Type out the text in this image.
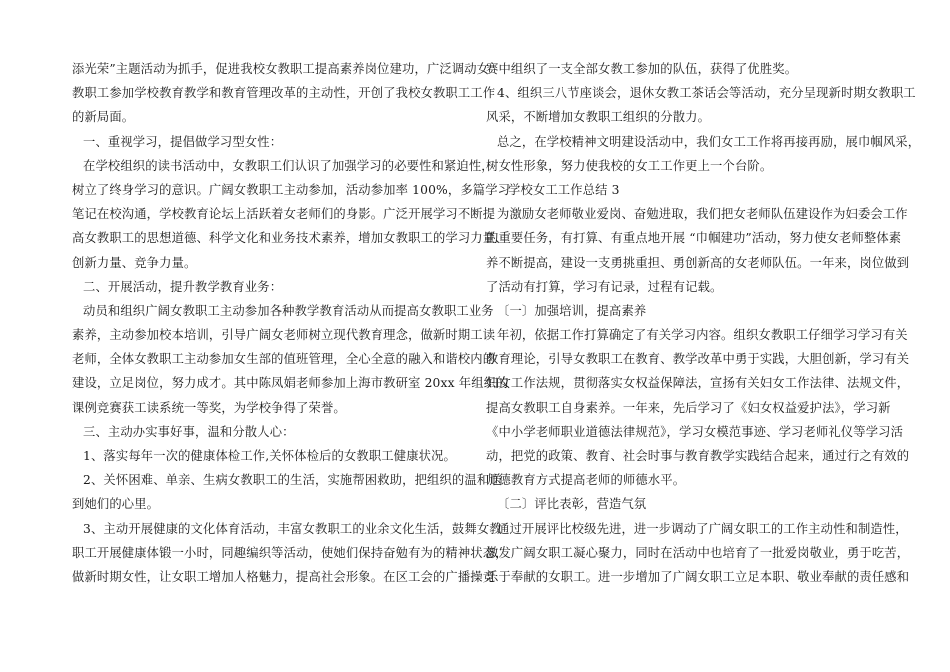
添光荣”主题活动为抓手，促进我校女教职工提高素养岗位建功，广泛调动女
教职工参加学校教育教学和教育管理改革的主动性，开创了我校女教职工工作
的新局面。
一、重视学习，提倡做学习型女性：
在学校组织的读书活动中，女教职工们认识了加强学习的必要性和紧迫性，
树立了终身学习的意识。广阔女教职工主动参加，活动参加率 100%，多篇学习
笔记在校沟通，学校教育论坛上活跃着女老师们的身影。广泛开展学习不断提
高女教职工的思想道德、科学文化和业务技术素养，增加女教职工的学习力量、
创新力量、竞争力量。
二、开展活动，提升教学教育业务：
动员和组织广阔女教职工主动参加各种教学教育活动从而提高女教职工业务
素养，主动参加校本培训，引导广阔女老师树立现代教育理念，做新时期工读
老师，全体女教职工主动参加女生部的值班管理，全心全意的融入和谐校内的
建设，立足岗位，努力成才。其中陈凤娟老师参加上海市教研室 20xx 年组织的
课例竞赛获工读系统一等奖，为学校争得了荣誉。
三、主动办实事好事，温和分散人心：
1、落实每年一次的健康体检工作,关怀体检后的女教职工健康状况。
2、关怀困难、单亲、生病女教职工的生活，实施帮困救助，把组织的温和送
到她们的心里。
3、主动开展健康的文化体育活动，丰富女教职工的业余文化生活，鼓舞女教
职工开展健康体锻一小时，同趣编织等活动，使她们保持奋勉有为的精神状态，
做新时期女性，让女职工增加人格魅力，提高社会形象。在区工会的广播操竞
赛中组织了一支全部女教工参加的队伍，获得了优胜奖。
4、组织三八节座谈会，退休女教工茶话会等活动，充分呈现新时期女教职工
风采，不断增加女教职工组织的分散力。
总之，在学校精神文明建设活动中，我们女工工作将再接再励，展巾帼风采，
树女性形象，努力使我校的女工工作更上一个台阶。
学校女工工作总结 3
为激励女老师敬业爱岗、奋勉进取，我们把女老师队伍建设作为妇委会工作
的重要任务，有打算、有重点地开展 “巾帼建功”活动，努力使女老师整体素
养不断提高，建设一支勇挑重担、勇创新高的女老师队伍。一年来，岗位做到
了活动有打算，学习有记录，过程有记载。
〔一〕加强培训，提高素养
年初，依据工作打算确定了有关学习内容。组织女教职工仔细学习学习有关
教育理论，引导女教职工在教育、教学改革中勇于实践，大胆创新，学习有关
妇女工作法规，贯彻落实女权益保障法，宣扬有关妇女工作法律、法规文件，
提高女教职工自身素养。一年来，先后学习了《妇女权益爱护法》，学习新
《中小学老师职业道德法律规范》，学习女模范事迹、学习老师礼仪等学习活
动，把党的政策、教育、社会时事与教育教学实践结合起来，通过行之有效的
师德教育方式提高老师的师德水平。
〔二〕评比表彰，营造气氛
通过开展评比校级先进，进一步调动了广阔女职工的工作主动性和制造性，
激发广阔女职工凝心聚力，同时在活动中也培育了一批爱岗敬业，勇于吃苦，
乐于奉献的女职工。进一步增加了广阔女职工立足本职、敬业奉献的责任感和
